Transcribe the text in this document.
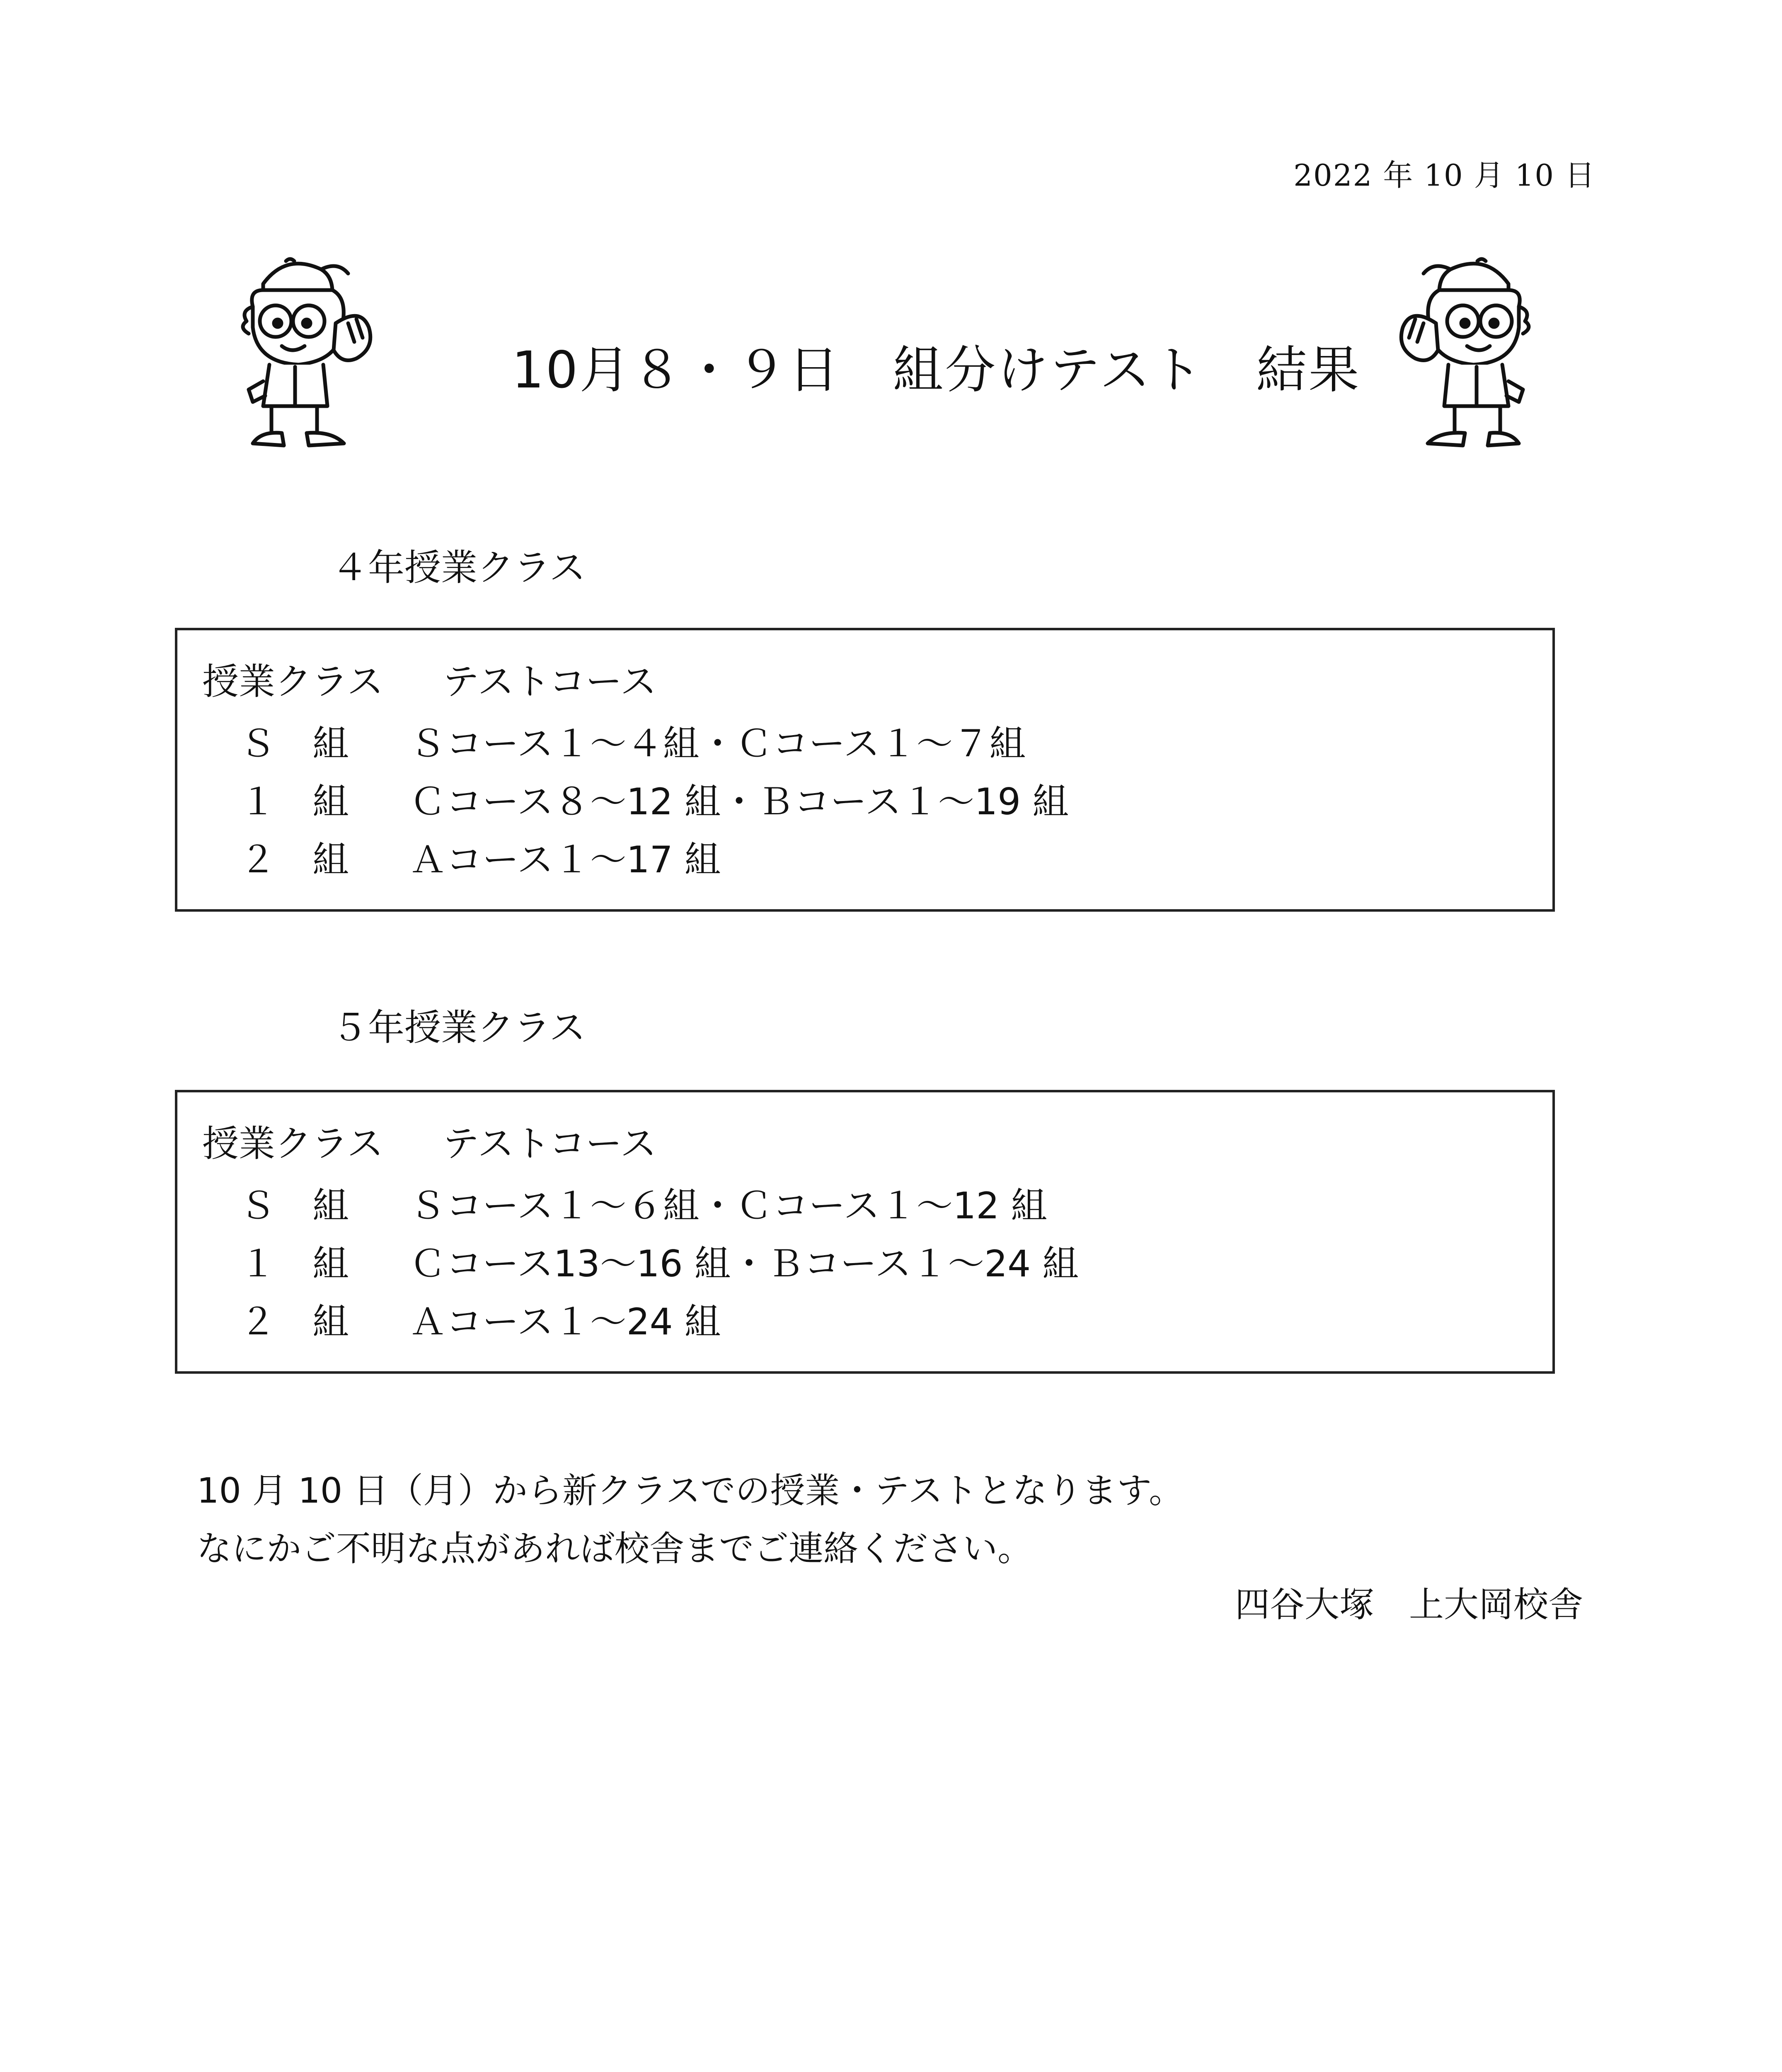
2022 年 10 月 10 日
10月８・９日　組分けテスト　結果
４年授業クラス
授業クラス テストコース
Ｓ　組 Ｓコース１～４組・Ｃコース１～７組
１　組 Ｃコース８～12 組・Ｂコース１～19 組
２　組 Ａコース１～17 組
５年授業クラス
授業クラス テストコース
Ｓ　組 Ｓコース１～６組・Ｃコース１～12 組
１　組 Ｃコース13～16 組・Ｂコース１～24 組
２　組 Ａコース１～24 組
10 月 10 日（月）から新クラスでの授業・テストとなります。
なにかご不明な点があれば校舎までご連絡ください。
四谷大塚　上大岡校舎
